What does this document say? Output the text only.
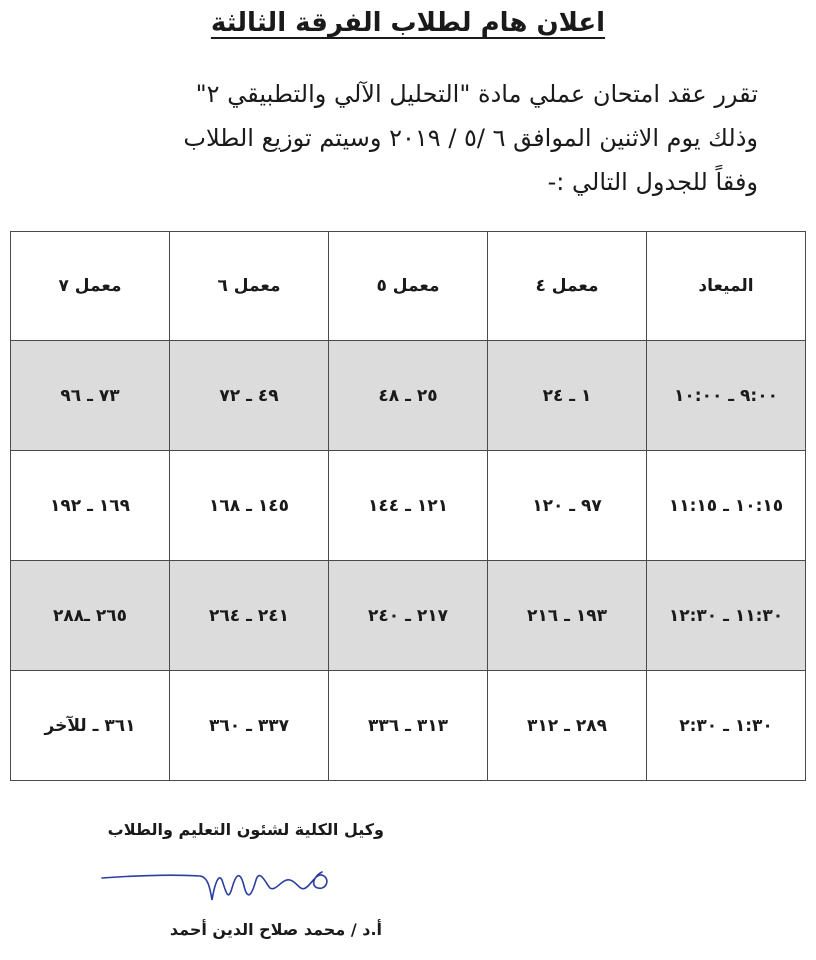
اعلان هام لطلاب الفرقة الثالثة

تقرر عقد امتحان عملي مادة "التحليل الآلي والتطبيقي ٢"

وذلك يوم الاثنين الموافق ٦ /٥ / ٢٠١٩ وسيتم توزيع الطلاب

وفقاً للجدول التالي :-

الميعاد	معمل ٤	معمل ٥	معمل ٦	معمل ٧
٩:٠٠ ـ ١٠:٠٠	١ ـ ٢٤	٢٥ ـ ٤٨	٤٩ ـ ٧٢	٧٣ ـ ٩٦
١٠:١٥ ـ ١١:١٥	٩٧ ـ ١٢٠	١٢١ ـ ١٤٤	١٤٥ ـ ١٦٨	١٦٩ ـ ١٩٢
١١:٣٠ ـ ١٢:٣٠	١٩٣ ـ ٢١٦	٢١٧ ـ ٢٤٠	٢٤١ ـ ٢٦٤	٢٦٥ ـ٢٨٨
١:٣٠ ـ ٢:٣٠	٢٨٩ ـ ٣١٢	٣١٣ ـ ٣٣٦	٣٣٧ ـ ٣٦٠	٣٦١ ـ للآخر
وكيل الكلية لشئون التعليم والطلاب
أ.د / محمد صلاح الدين أحمد
